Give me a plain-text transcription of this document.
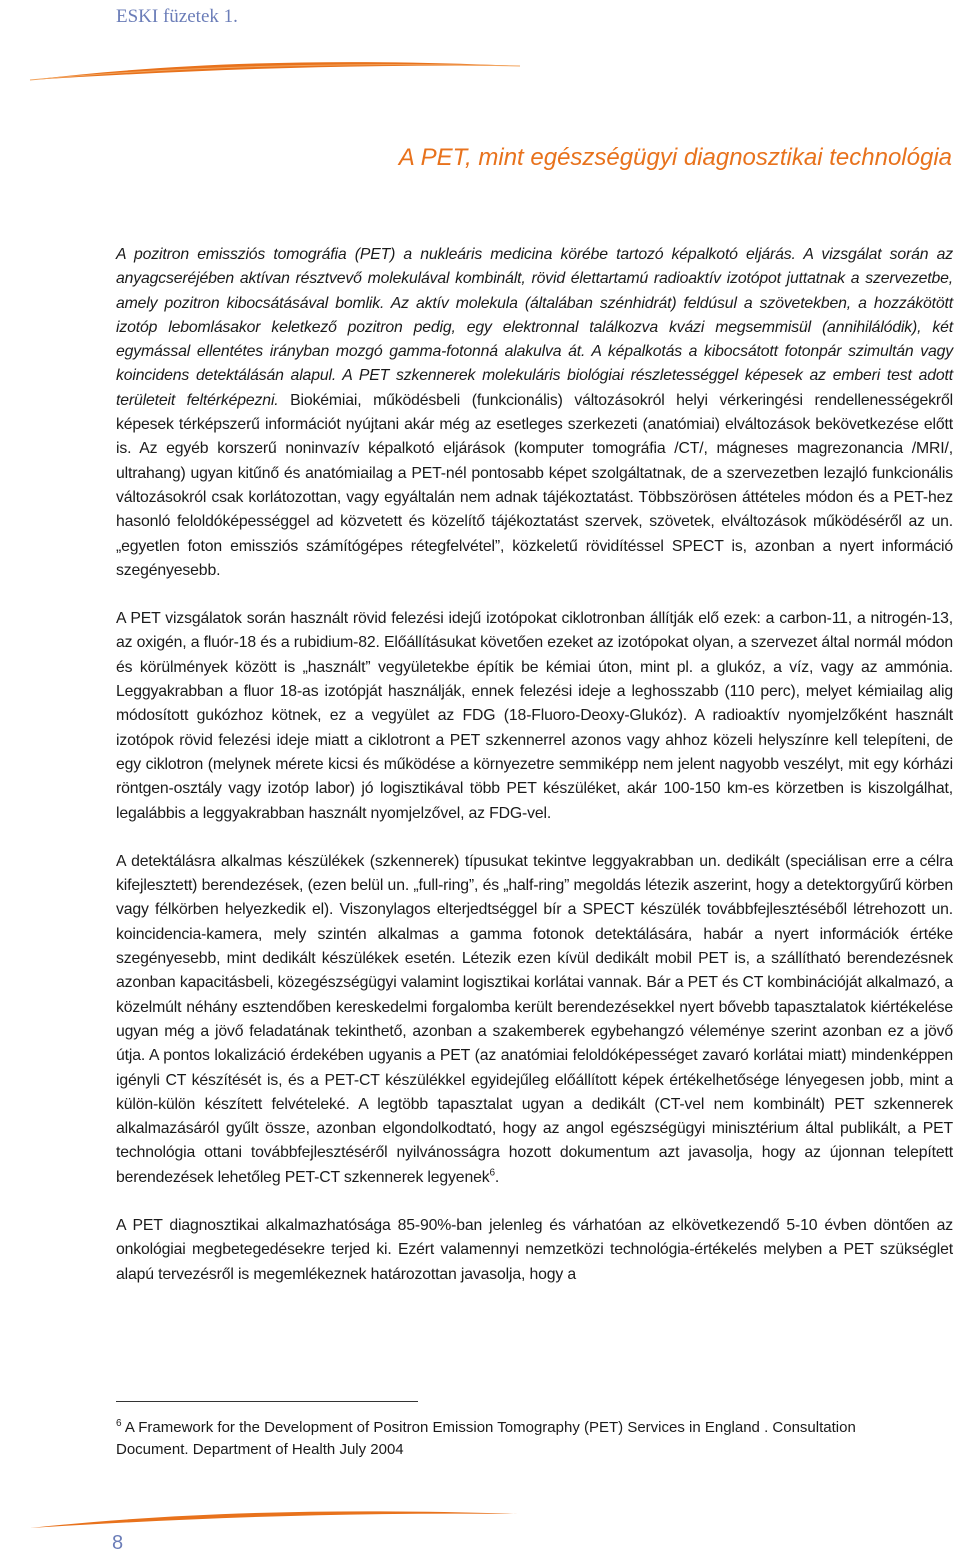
ESKI füzetek 1.
A PET, mint egészségügyi diagnosztikai technológia

A pozitron emissziós tomográfia (PET) a nukleáris medicina körébe tartozó képalkotó eljárás. A vizsgálat során az anyagcseréjében aktívan résztvevő molekulával kombinált, rövid élettartamú radioaktív izotópot juttatnak a szervezetbe, amely pozitron kibocsátásával bomlik. Az aktív molekula (általában szénhidrát) feldúsul a szövetekben, a hozzákötött izotóp lebomlásakor keletkező pozitron pedig, egy elektronnal találkozva kvázi megsemmisül (annihilálódik), két egymással ellentétes irányban mozgó gamma-fotonná alakulva át. A képalkotás a kibocsátott fotonpár szimultán vagy koincidens detektálásán alapul. A PET szkennerek molekuláris biológiai részletességgel képesek az emberi test adott területeit feltérképezni. Biokémiai, működésbeli (funkcionális) változásokról helyi vérkeringési rendellenességekről képesek térképszerű információt nyújtani akár még az esetleges szerkezeti (anatómiai) elváltozások bekövetkezése előtt is. Az egyéb korszerű noninvazív képalkotó eljárások (komputer tomográfia /CT/, mágneses magrezonancia /MRI/, ultrahang) ugyan kitűnő és anatómiailag a PET-nél pontosabb képet szolgáltatnak, de a szervezetben lezajló funkcionális változásokról csak korlátozottan, vagy egyáltalán nem adnak tájékoztatást. Többszörösen áttételes módon és a PET-hez hasonló feloldóképességgel ad közvetett és közelítő tájékoztatást szervek, szövetek, elváltozások működéséről az un. „egyetlen foton emissziós számítógépes rétegfelvétel”, közkeletű rövidítéssel SPECT is, azonban a nyert információ szegényesebb.

A PET vizsgálatok során használt rövid felezési idejű izotópokat ciklotronban állítják elő ezek: a carbon-11, a nitrogén-13, az oxigén, a fluór-18 és a rubidium-82. Előállításukat követően ezeket az izotópokat olyan, a szervezet által normál módon és körülmények között is „használt” vegyületekbe építik be kémiai úton, mint pl. a glukóz, a víz, vagy az ammónia. Leggyakrabban a fluor 18-as izotópját használják, ennek felezési ideje a leghosszabb (110 perc), melyet kémiailag alig módosított gukózhoz kötnek, ez a vegyület az FDG (18-Fluoro-Deoxy-Glukóz). A radioaktív nyomjelzőként használt izotópok rövid felezési ideje miatt a ciklotront a PET szkennerrel azonos vagy ahhoz közeli helyszínre kell telepíteni, de egy ciklotron (melynek mérete kicsi és működése a környezetre semmiképp nem jelent nagyobb veszélyt, mit egy kórházi röntgen-osztály vagy izotóp labor) jó logisztikával több PET készüléket, akár 100-150 km-es körzetben is kiszolgálhat, legalábbis a leggyakrabban használt nyomjelzővel, az FDG-vel.

A detektálásra alkalmas készülékek (szkennerek) típusukat tekintve leggyakrabban un. dedikált (speciálisan erre a célra kifejlesztett) berendezések, (ezen belül un. „full-ring”, és „half-ring” megoldás létezik aszerint, hogy a detektorgyűrű körben vagy félkörben helyezkedik el). Viszonylagos elterjedtséggel bír a SPECT készülék továbbfejlesztéséből létrehozott un. koincidencia-kamera, mely szintén alkalmas a gamma fotonok detektálására, habár a nyert információk értéke szegényesebb, mint dedikált készülékek esetén. Létezik ezen kívül dedikált mobil PET is, a szállítható berendezésnek azonban kapacitásbeli, közegészségügyi valamint logisztikai korlátai vannak. Bár a PET és CT kombinációját alkalmazó, a közelmúlt néhány esztendőben kereskedelmi forgalomba került berendezésekkel nyert bővebb tapasztalatok kiértékelése ugyan még a jövő feladatának tekinthető, azonban a szakemberek egybehangzó véleménye szerint azonban ez a jövő útja. A pontos lokalizáció érdekében ugyanis a PET (az anatómiai feloldóképességet zavaró korlátai miatt) mindenképpen igényli CT készítését is, és a PET-CT készülékkel egyidejűleg előállított képek értékelhetősége lényegesen jobb, mint a külön-külön készített felvételeké. A legtöbb tapasztalat ugyan a dedikált (CT-vel nem kombinált) PET szkennerek alkalmazásáról gyűlt össze, azonban elgondolkodtató, hogy az angol egészségügyi minisztérium által publikált, a PET technológia ottani továbbfejlesztéséről nyilvánosságra hozott dokumentum azt javasolja, hogy az újonnan telepített berendezések lehetőleg PET-CT szkennerek legyenek$^6$.

A PET diagnosztikai alkalmazhatósága 85-90%-ban jelenleg és várhatóan az elkövetkezendő 5-10 évben döntően az onkológiai megbetegedésekre terjed ki. Ezért valamennyi nemzetközi technológia-értékelés melyben a PET szükséglet alapú tervezésről is megemlékeznek határozottan javasolja, hogy a

$^6$ A Framework for the Development of Positron Emission Tomography (PET) Services in England . Consultation Document. Department of Health July 2004
8
